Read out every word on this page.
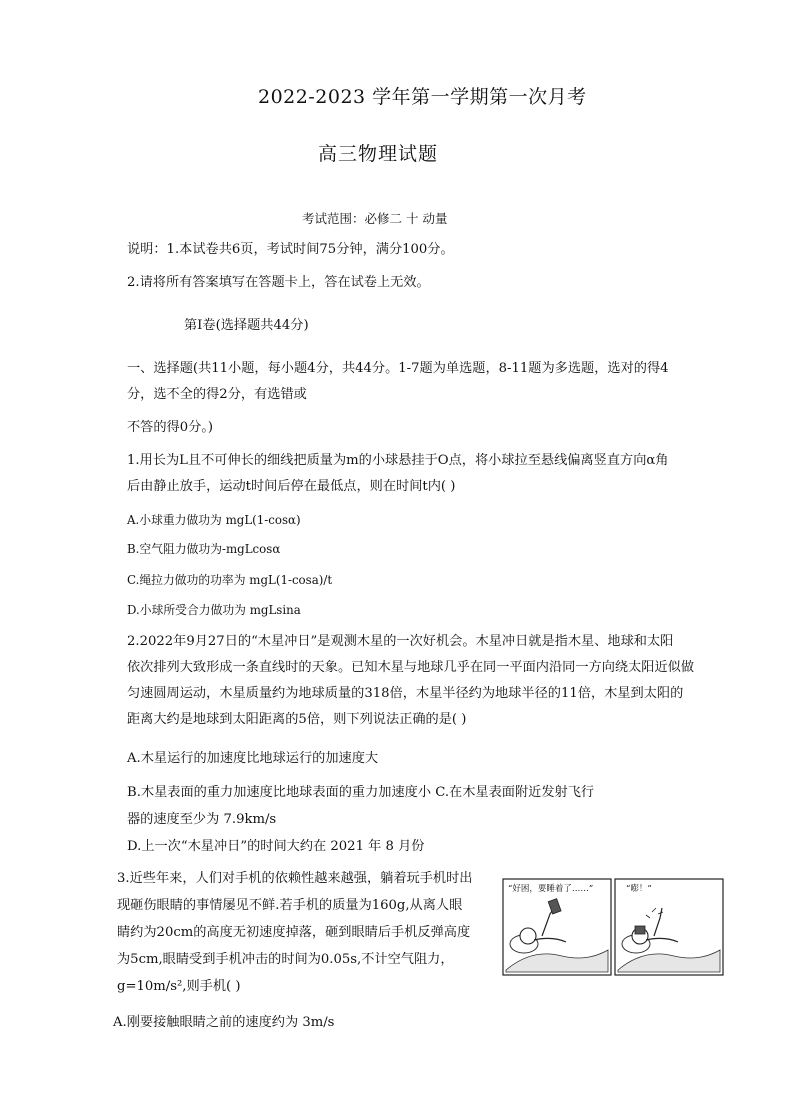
2022-2023 学年第一学期第一次月考
高三物理试题
考试范围：必修二 十 动量
说明：1.本试卷共6页，考试时间75分钟，满分100分。
2.请将所有答案填写在答题卡上，答在试卷上无效。
第Ⅰ卷(选择题共44分)
一、选择题(共11小题，每小题4分，共44分。1-7题为单选题，8-11题为多选题，选对的得4
分，选不全的得2分，有选错或
不答的得0分。)
1.用长为L且不可伸长的细线把质量为m的小球悬挂于O点，将小球拉至悬线偏离竖直方向α角
后由静止放手，运动t时间后停在最低点，则在时间t内( )
A.小球重力做功为 mgL(1-cosα)
B.空气阻力做功为-mgLcosα
C.绳拉力做功的功率为 mgL(1-cosa)/t
D.小球所受合力做功为 mgLsina
2.2022年9月27日的“木星冲日”是观测木星的一次好机会。木星冲日就是指木星、地球和太阳
依次排列大致形成一条直线时的天象。已知木星与地球几乎在同一平面内沿同一方向绕太阳近似做
匀速圆周运动，木星质量约为地球质量的318倍，木星半径约为地球半径的11倍，木星到太阳的
距离大约是地球到太阳距离的5倍，则下列说法正确的是( )
A.木星运行的加速度比地球运行的加速度大
B.木星表面的重力加速度比地球表面的重力加速度小 C.在木星表面附近发射飞行
器的速度至少为 7.9km/s
D.上一次“木星冲日”的时间大约在 2021 年 8 月份
3.近些年来，人们对手机的依赖性越来越强，躺着玩手机时出
现砸伤眼睛的事情屡见不鲜.若手机的质量为160g,从离人眼
睛约为20cm的高度无初速度掉落，砸到眼睛后手机反弹高度
为5cm,眼睛受到手机冲击的时间为0.05s,不计空气阻力，
g=10m/s²,则手机( )
A.刚要接触眼睛之前的速度约为 3m/s
“好困，要睡着了……”	“嘭！”
